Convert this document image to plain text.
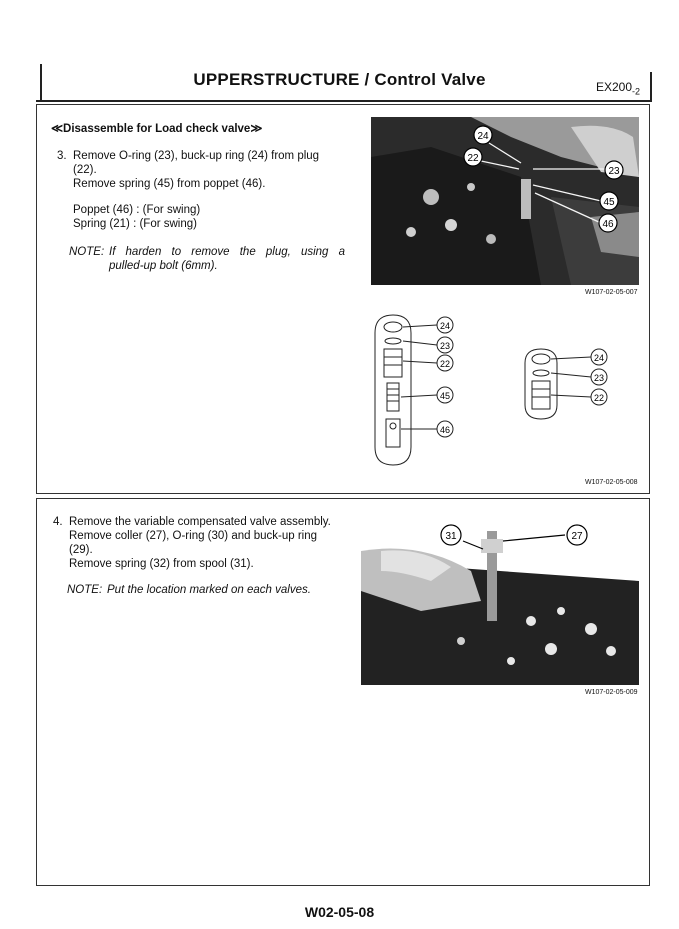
UPPERSTRUCTURE / Control Valve	$EX200_{-2}$
≪Disassemble for Load check valve≫
3. Remove O-ring (23), buck-up ring (24) from plug
(22).
Remove spring (45) from poppet (46).
Poppet (46) : (For swing)
Spring (21) : (For swing)
NOTE: If harden to remove the plug, using a
pulled-up bolt (6mm).
24
22
23
45
46
W107-02-05-007
24
23
22
45
46
24
23
22
W107-02-05-008
4. Remove the variable compensated valve assembly.
Remove coller (27), O-ring (30) and buck-up ring
(29).
Remove spring (32) from spool (31).
NOTE: Put the location marked on each valves.
31	27
W107-02-05-009
W02-05-08
